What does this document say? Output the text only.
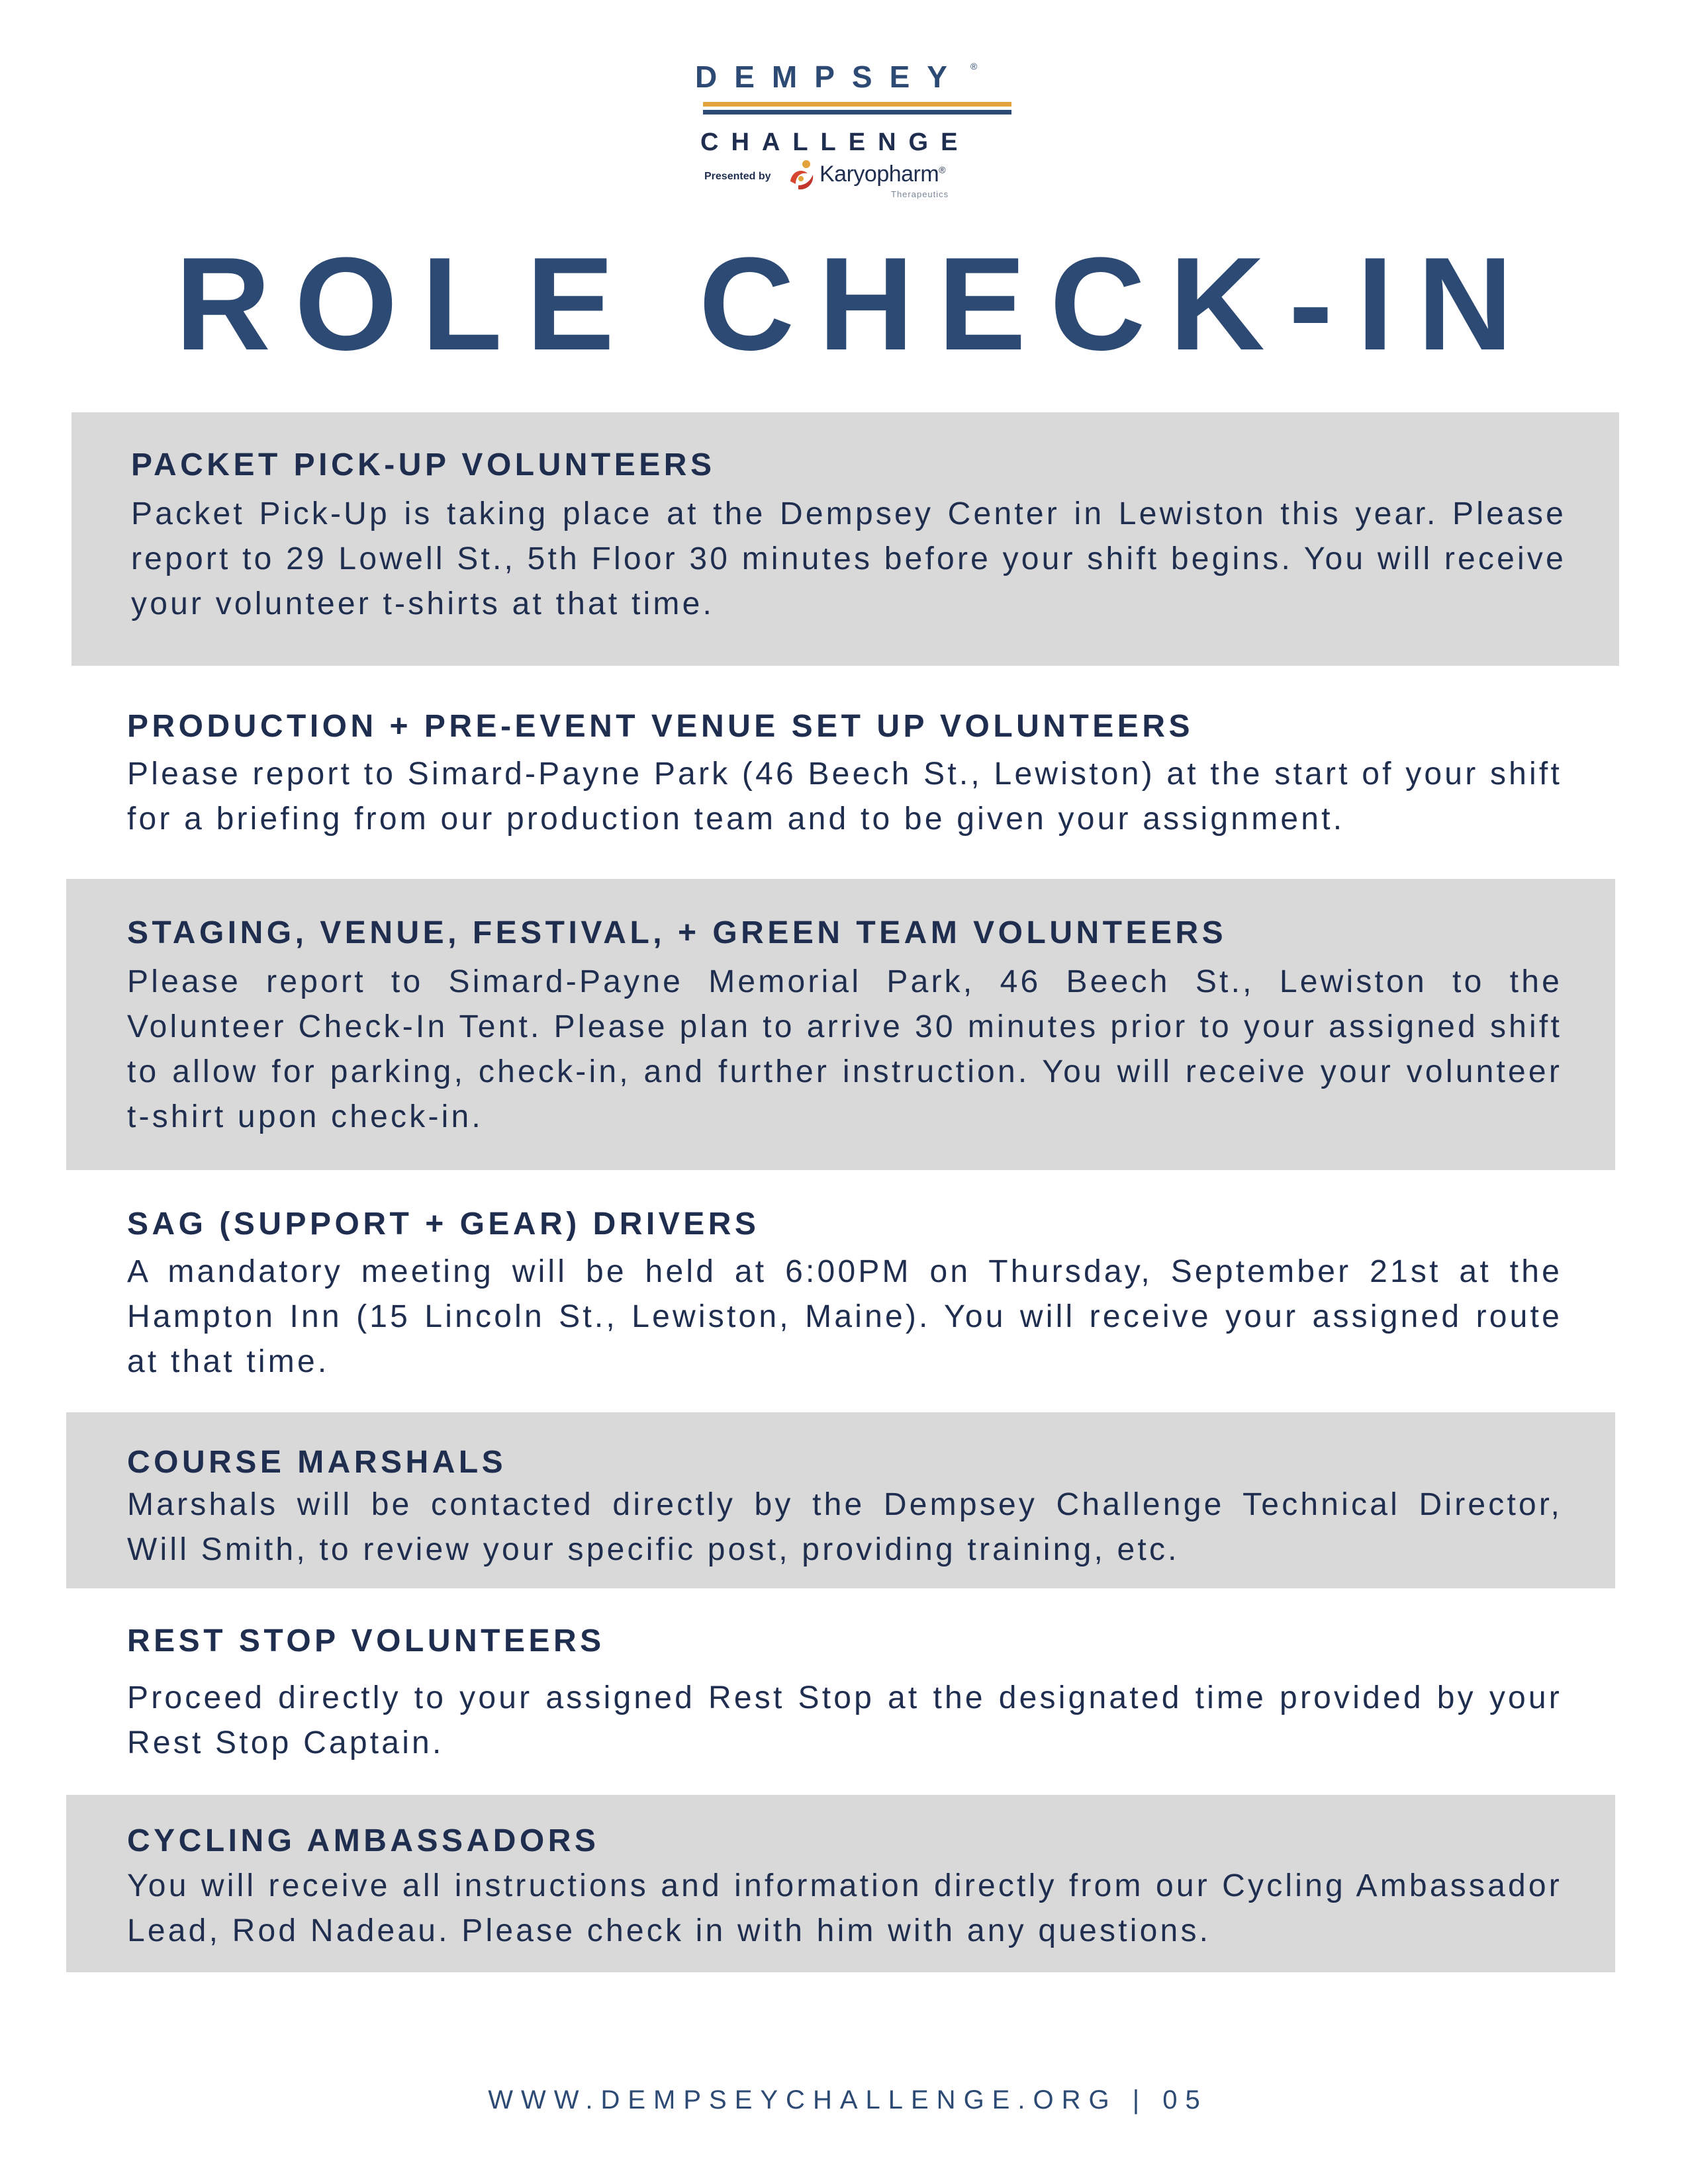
DEMPSEY ®
CHALLENGE
Presented by Karyopharm®
Therapeutics
ROLE CHECK-IN
PACKET PICK-UP VOLUNTEERS
Packet Pick-Up is taking place at the Dempsey Center in Lewiston this year. Please report to 29 Lowell St., 5th Floor 30 minutes before your shift begins. You will receive your volunteer t-shirts at that time.
PRODUCTION + PRE-EVENT VENUE SET UP VOLUNTEERS
Please report to Simard-Payne Park (46 Beech St., Lewiston) at the start of your shift for a briefing from our production team and to be given your assignment.
STAGING, VENUE, FESTIVAL, + GREEN TEAM VOLUNTEERS
Please report to Simard-Payne Memorial Park, 46 Beech St., Lewiston to the Volunteer Check-In Tent. Please plan to arrive 30 minutes prior to your assigned shift to allow for parking, check-in, and further instruction. You will receive your volunteer t-shirt upon check-in.
SAG (SUPPORT + GEAR) DRIVERS
A mandatory meeting will be held at 6:00PM on Thursday, September 21st at the Hampton Inn (15 Lincoln St., Lewiston, Maine). You will receive your assigned route at that time.
COURSE MARSHALS
Marshals will be contacted directly by the Dempsey Challenge Technical Director, Will Smith, to review your specific post, providing training, etc.
REST STOP VOLUNTEERS
Proceed directly to your assigned Rest Stop at the designated time provided by your Rest Stop Captain.
CYCLING AMBASSADORS
You will receive all instructions and information directly from our Cycling Ambassador Lead, Rod Nadeau. Please check in with him with any questions.
WWW.DEMPSEYCHALLENGE.ORG | 05
